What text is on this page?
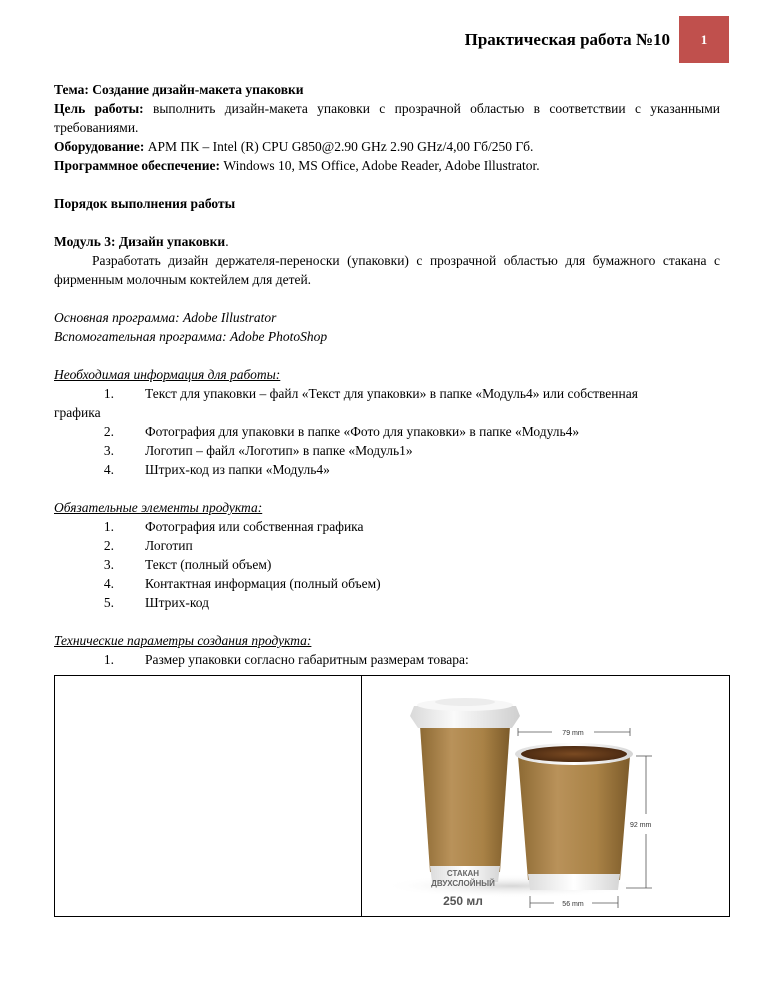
Практическая работа №10	1

Тема: Создание дизайн-макета упаковки

Цель работы: выполнить дизайн-макета упаковки с прозрачной областью в соответствии с указанными требованиями.

Оборудование: АРМ ПК – Intel (R) CPU G850@2.90 GHz 2.90 GHz/4,00 Гб/250 Гб.

Программное обеспечение: Windows 10, MS Office, Adobe Reader, Adobe Illustrator.

Порядок выполнения работы

Модуль 3: Дизайн упаковки.

Разработать дизайн держателя-переноски (упаковки) с прозрачной областью для бумажного стакана с фирменным молочным коктейлем для детей.

Основная программа: Adobe Illustrator

Вспомогательная программа: Adobe PhotoShop

Необходимая информация для работы:

1.	Текст для упаковки – файл «Текст для упаковки» в папке «Модуль4» или собственная

графика

2.	Фотография для упаковки в папке «Фото для упаковки» в папке «Модуль4»
3.	Логотип – файл «Логотип» в папке «Модуль1»
4.	Штрих-код из папки «Модуль4»

Обязательные элементы продукта:

1.	Фотография или собственная графика
2.	Логотип
3.	Текст (полный объем)
4.	Контактная информация (полный объем)
5.	Штрих-код

Технические параметры создания продукта:

1.	Размер упаковки согласно габаритным размерам товара:
79 mm
92 mm
56 mm
СТАКАН
ДВУХСЛОЙНЫЙ
250 мл
